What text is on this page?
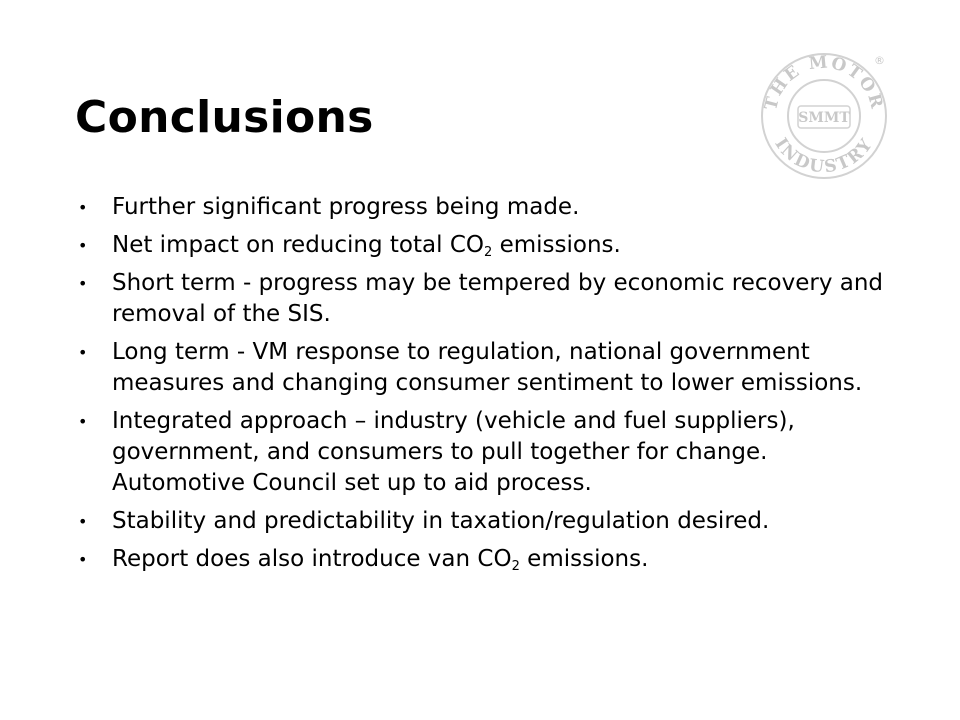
Conclusions	THE MOTOR
INDUSTRY
SMMT
®
• Further significant progress being made.
• Net impact on reducing total $CO_2$ emissions.
• Short term - progress may be tempered by economic recovery and removal of the SIS.
• Long term - VM response to regulation, national government measures and changing consumer sentiment to lower emissions.
• Integrated approach – industry (vehicle and fuel suppliers), government, and consumers to pull together for change. Automotive Council set up to aid process.
• Stability and predictability in taxation/regulation desired.
• Report does also introduce van $CO_2$ emissions.
